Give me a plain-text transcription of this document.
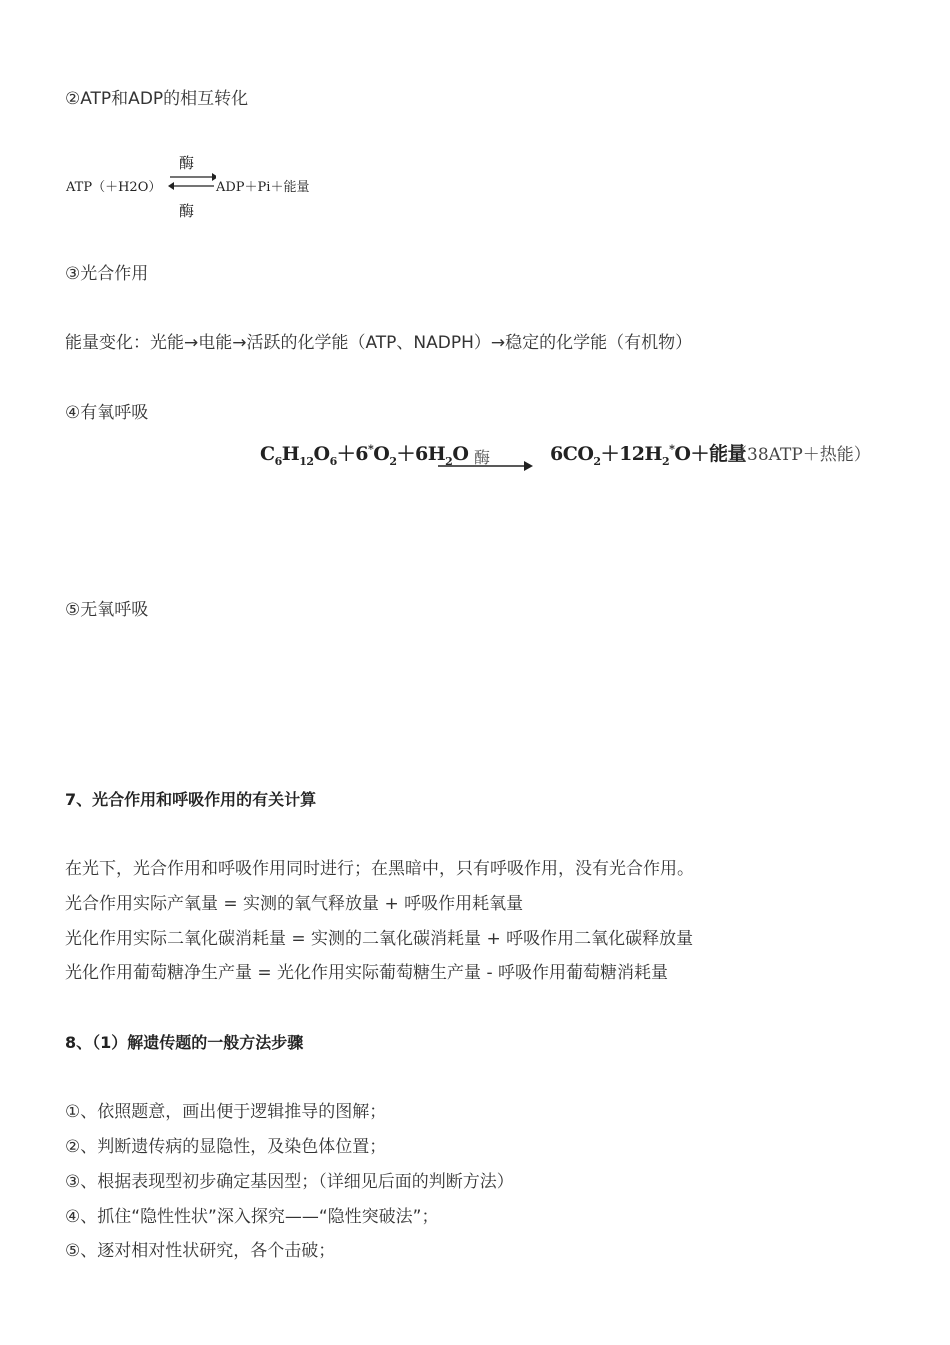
②ATP和ADP的相互转化
ATP（＋H2O）
酶
⇌ ADP＋Pi＋能量
酶
③光合作用
能量变化：光能→电能→活跃的化学能（ATP、NADPH）→稳定的化学能（有机物）
④有氧呼吸
$C_6H_{12}O_6+6^*O_2+6H_2O$ 酶	$6CO_2+12H_2^*O+$能量
（38ATP＋热能）
⑤无氧呼吸
7、光合作用和呼吸作用的有关计算
在光下，光合作用和呼吸作用同时进行；在黑暗中，只有呼吸作用，没有光合作用。
光合作用实际产氧量 = 实测的氧气释放量 + 呼吸作用耗氧量
光化作用实际二氧化碳消耗量 = 实测的二氧化碳消耗量 + 呼吸作用二氧化碳释放量
光化作用葡萄糖净生产量 = 光化作用实际葡萄糖生产量 - 呼吸作用葡萄糖消耗量
8、（1）解遗传题的一般方法步骤
①、依照题意，画出便于逻辑推导的图解；
②、判断遗传病的显隐性，及染色体位置；
③、根据表现型初步确定基因型；（详细见后面的判断方法）
④、抓住“隐性性状”深入探究——“隐性突破法”；
⑤、逐对相对性状研究，各个击破；
